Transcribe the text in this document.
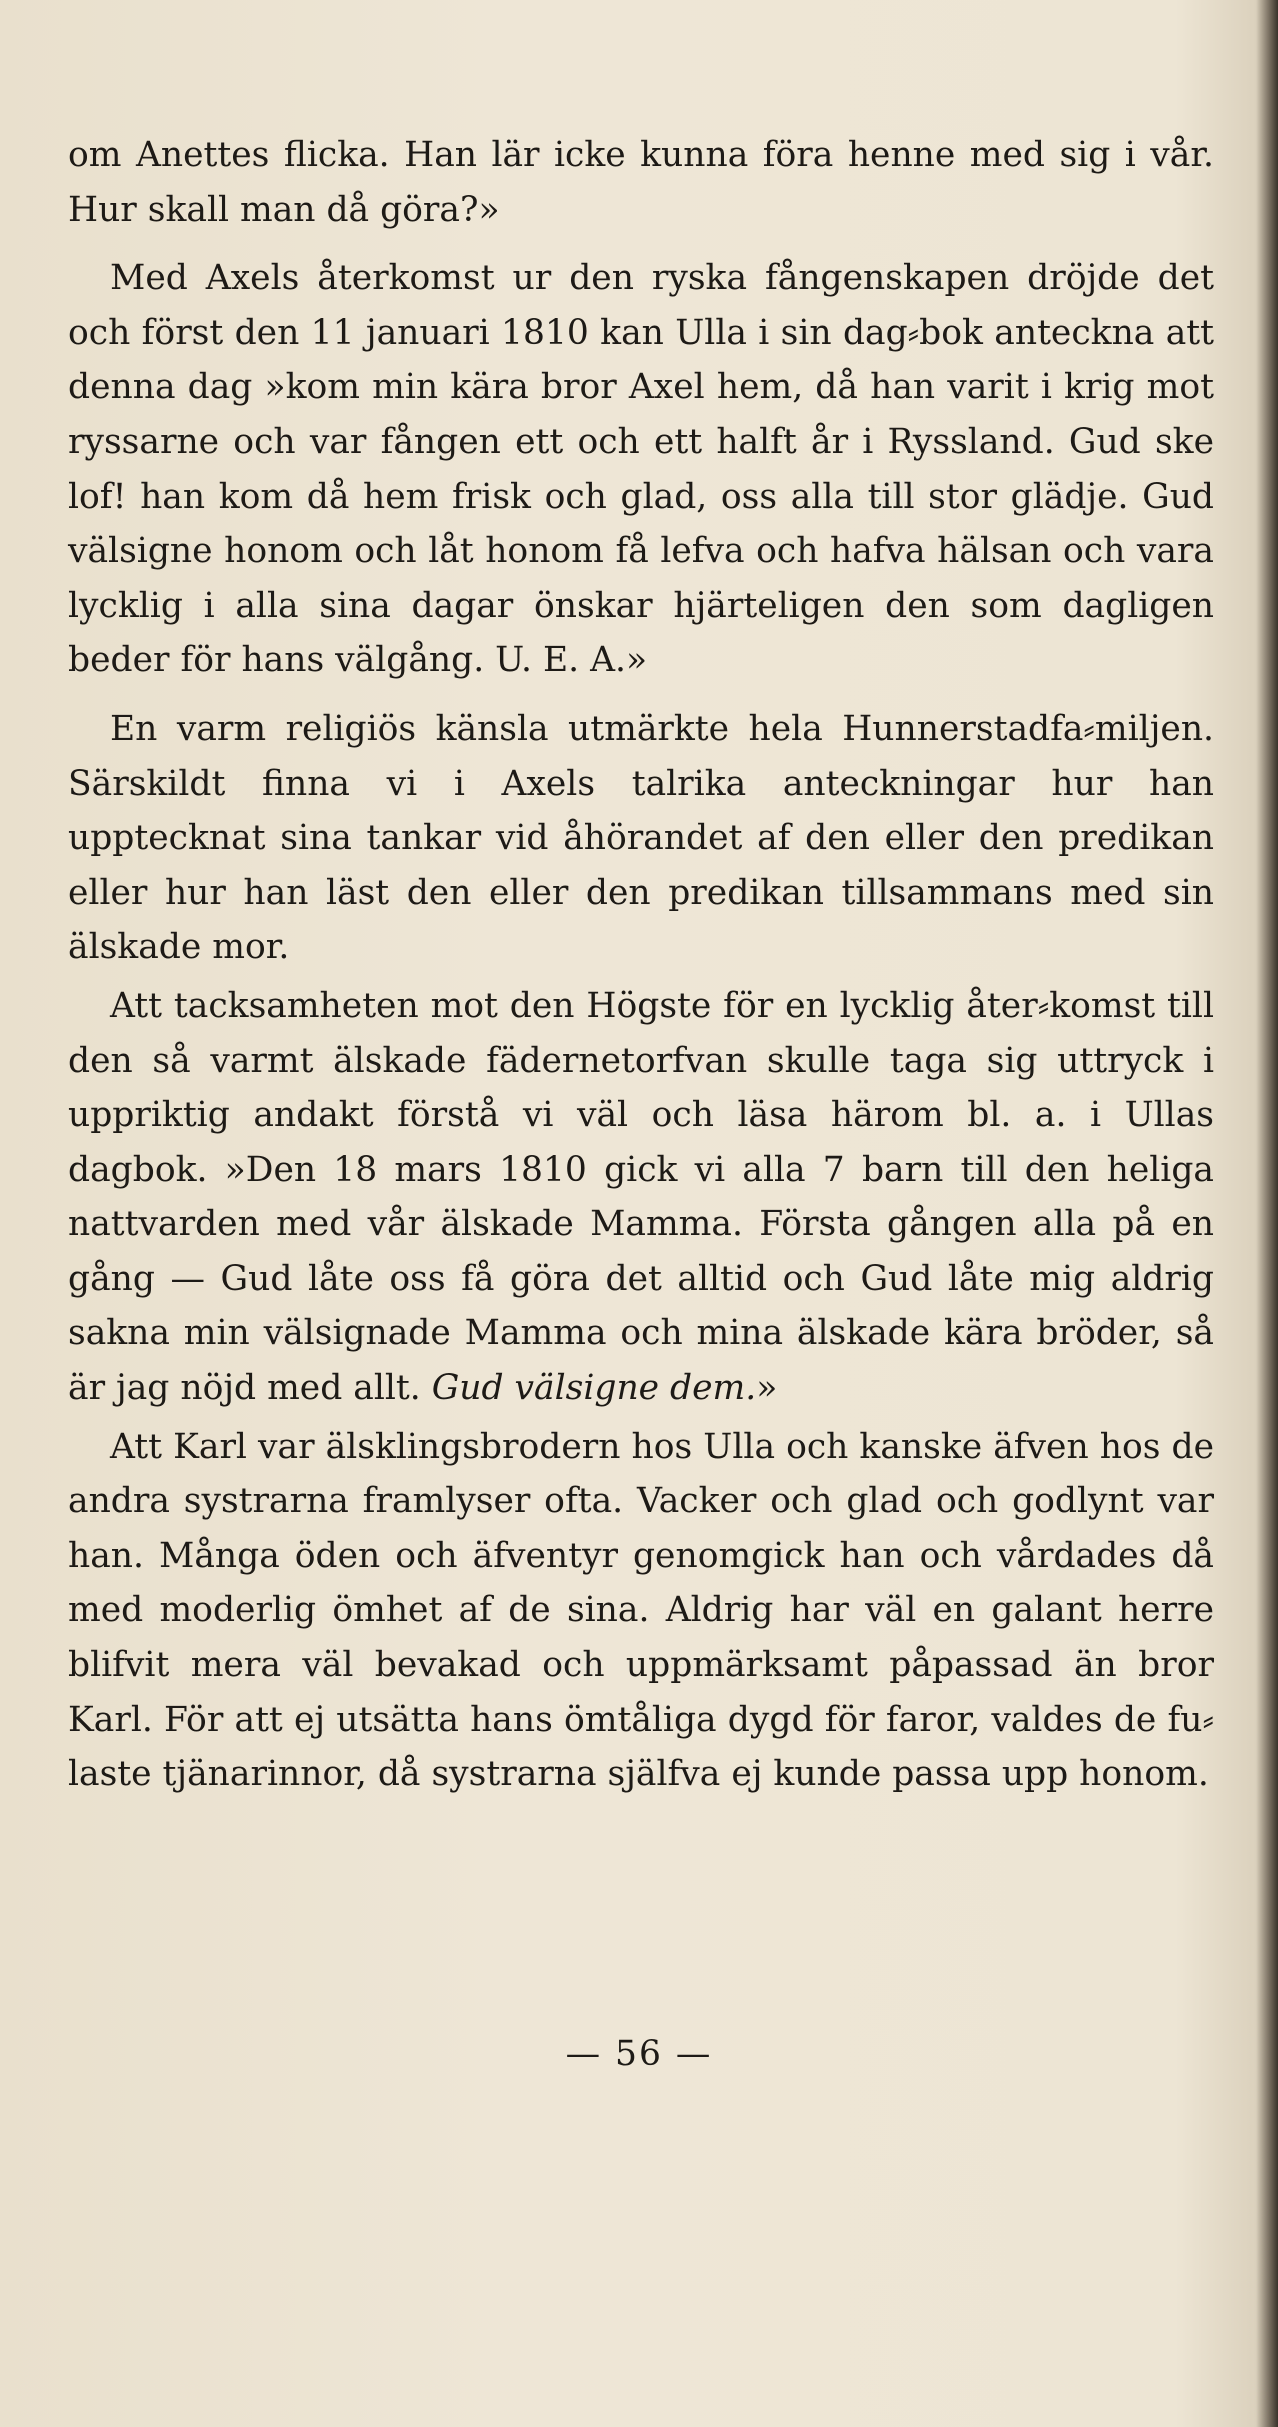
om Anettes flicka. Han lär icke kunna föra henne med sig i vår. Hur skall man då göra?»

Med Axels återkomst ur den ryska fångenskapen dröjde det och först den 11 januari 1810 kan Ulla i sin dag⸗bok anteckna att denna dag »kom min kära bror Axel hem, då han varit i krig mot ryssarne och var fången ett och ett halft år i Ryssland. Gud ske lof! han kom då hem frisk och glad, oss alla till stor glädje. Gud välsigne honom och låt honom få lefva och hafva hälsan och vara lycklig i alla sina dagar önskar hjärteligen den som dagligen beder för hans välgång. U. E. A.»

En varm religiös känsla utmärkte hela Hunnerstadfa⸗miljen. Särskildt finna vi i Axels talrika anteckningar hur han upptecknat sina tankar vid åhörandet af den eller den predikan eller hur han läst den eller den predikan tillsammans med sin älskade mor.

Att tacksamheten mot den Högste för en lycklig åter⸗komst till den så varmt älskade fädernetorfvan skulle taga sig uttryck i uppriktig andakt förstå vi väl och läsa härom bl. a. i Ullas dagbok. »Den 18 mars 1810 gick vi alla 7 barn till den heliga nattvarden med vår älskade Mamma. Första gången alla på en gång — Gud låte oss få göra det alltid och Gud låte mig aldrig sakna min välsignade Mamma och mina älskade kära bröder, så är jag nöjd med allt. Gud välsigne dem.»

Att Karl var älsklingsbrodern hos Ulla och kanske äfven hos de andra systrarna framlyser ofta. Vacker och glad och godlynt var han. Många öden och äfventyr genomgick han och vårdades då med moderlig ömhet af de sina. Aldrig har väl en galant herre blifvit mera väl bevakad och uppmärksamt påpassad än bror Karl. För att ej utsätta hans ömtåliga dygd för faror, valdes de fu⸗laste tjänarinnor, då systrarna själfva ej kunde passa upp honom.

— 56 —
